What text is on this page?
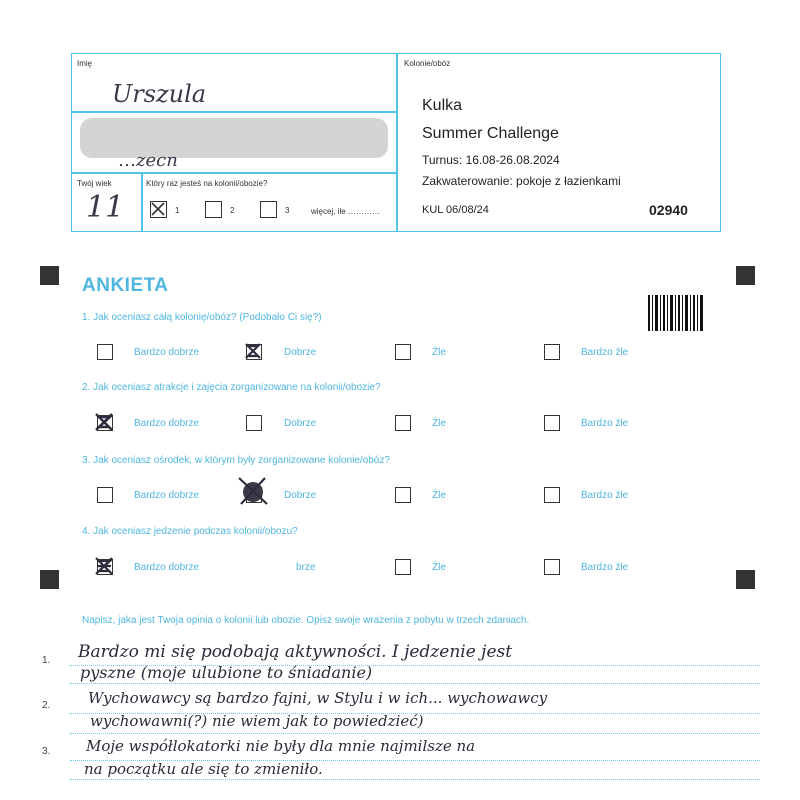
Imię
Urszula
…zecn
Twój wiek
11
Który raz jesteś na kolonii/obozie?
1	2	3	więcej, ile …………
Kolonie/obóz
Kulka
Summer Challenge
Turnus: 16.08-26.08.2024
Zakwaterowanie: pokoje z łazienkami
KUL 06/08/24	02940
ANKIETA
1. Jak oceniasz całą kolonię/obóz? (Podobało Ci się?)
Bardzo dobrze	Dobrze	Źle	Bardzo źle
2. Jak oceniasz atrakcje i zajęcia zorganizowane na kolonii/obozie?
Bardzo dobrze	Dobrze	Źle	Bardzo źle
3. Jak oceniasz ośrodek, w którym były zorganizowane kolonie/obóz?
Bardzo dobrze	Dobrze	Źle	Bardzo źle
4. Jak oceniasz jedzenie podczas kolonii/obozu?
Bardzo dobrze	brze	Źle	Bardzo źle
Napisz, jaka jest Twoja opinia o kolonii lub obozie. Opisz swoje wrażenia z pobytu w trzech zdaniach.
1.
2.
3.
Bardzo mi się podobają aktywności. I jedzenie jest
pyszne (moje ulubione to śniadanie)
Wychowawcy są bardzo fajni, w Stylu i w ich... wychowawcy
wychowawni(?) nie wiem jak to powiedzieć)
Moje współlokatorki nie były dla mnie najmilsze na
na początku ale się to zmieniło.
